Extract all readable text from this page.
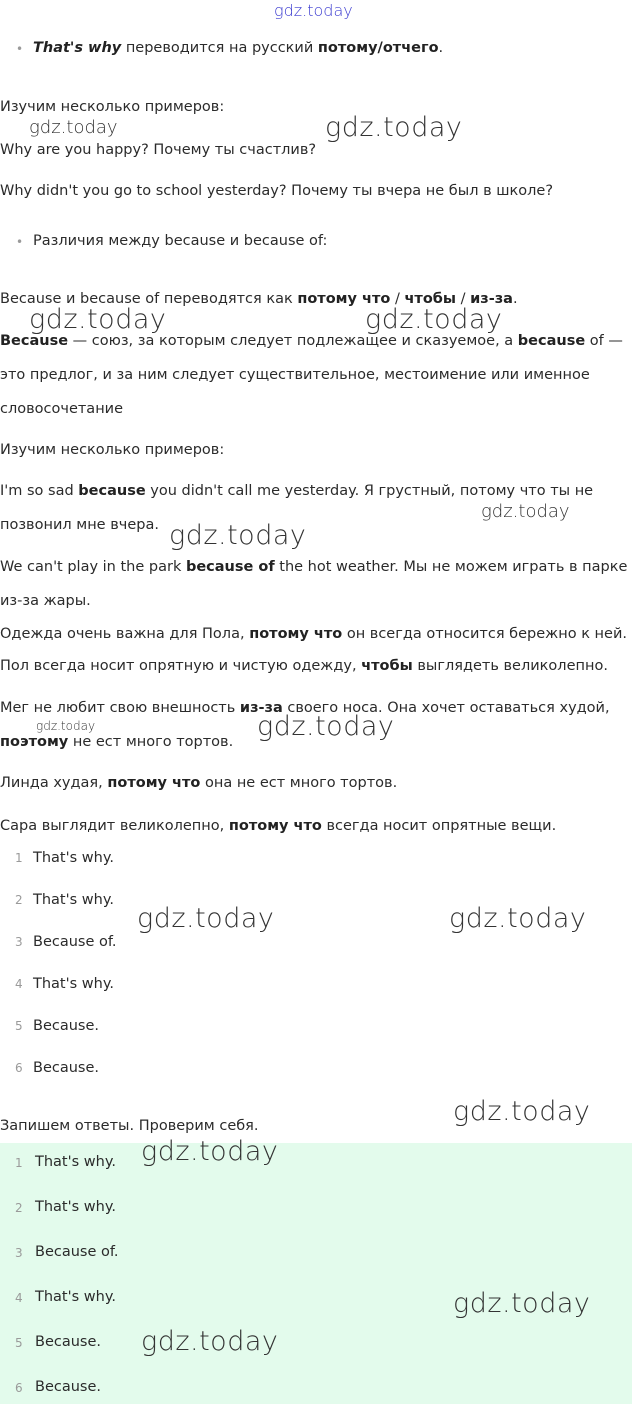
• That's why переводится на русский потому/отчего.
Изучим несколько примеров:
Why are you happy? Почему ты счастлив?
Why didn't you go to school yesterday? Почему ты вчера не был в школе?
• Различия между because и because of:
Because и because of переводятся как потому что / чтобы / из-за.
Because — союз, за которым следует подлежащее и сказуемое, а because of — это предлог, и за ним следует существительное, местоимение или именное словосочетание
Изучим несколько примеров:
I'm so sad because you didn't call me yesterday. Я грустный, потому что ты не позвонил мне вчера.
We can't play in the park because of the hot weather. Мы не можем играть в парке из-за жары.
Одежда очень важна для Пола, потому что он всегда относится бережно к ней.
Пол всегда носит опрятную и чистую одежду, чтобы выглядеть великолепно.
Мег не любит свою внешность из-за своего носа. Она хочет оставаться худой, поэтому не ест много тортов.
Линда худая, потому что она не ест много тортов.
Сара выглядит великолепно, потому что всегда носит опрятные вещи.
1 That's why.
2 That's why.
3 Because of.
4 That's why.
5 Because.
6 Because.
Запишем ответы. Проверим себя.
1 That's why.
2 That's why.
3 Because of.
4 That's why.
5 Because.
6 Because.
gdz.today
gdz.today	gdz.today
gdz.today	gdz.today
gdz.today
gdz.today
gdz.today	gdz.today
gdz.today	gdz.today
gdz.today
gdz.today
gdz.today
gdz.today
